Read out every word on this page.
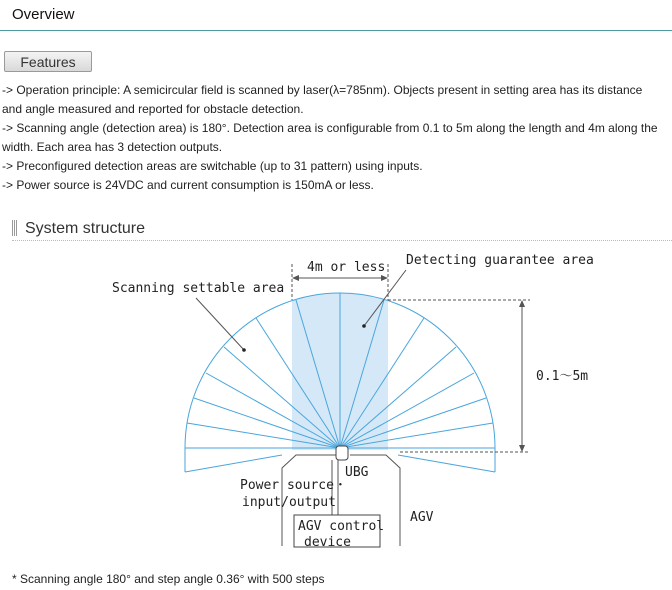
Overview
Features

-> Operation principle: A semicircular field is scanned by laser(λ=785nm). Objects present in setting area has its distance

and angle measured and reported for obstacle detection.

-> Scanning angle (detection area) is 180°. Detection area is configurable from 0.1 to 5m along the length and 4m along the

width. Each area has 3 detection outputs.

-> Preconfigured detection areas are switchable (up to 31 pattern) using inputs.

-> Power source is 24VDC and current consumption is 150mA or less.

System structure
4m or less Detecting guarantee area
Scanning settable area
0.1～5m
UBG
Power source・
input/output
AGV
AGV control
device
* Scanning angle 180° and step angle 0.36° with 500 steps
